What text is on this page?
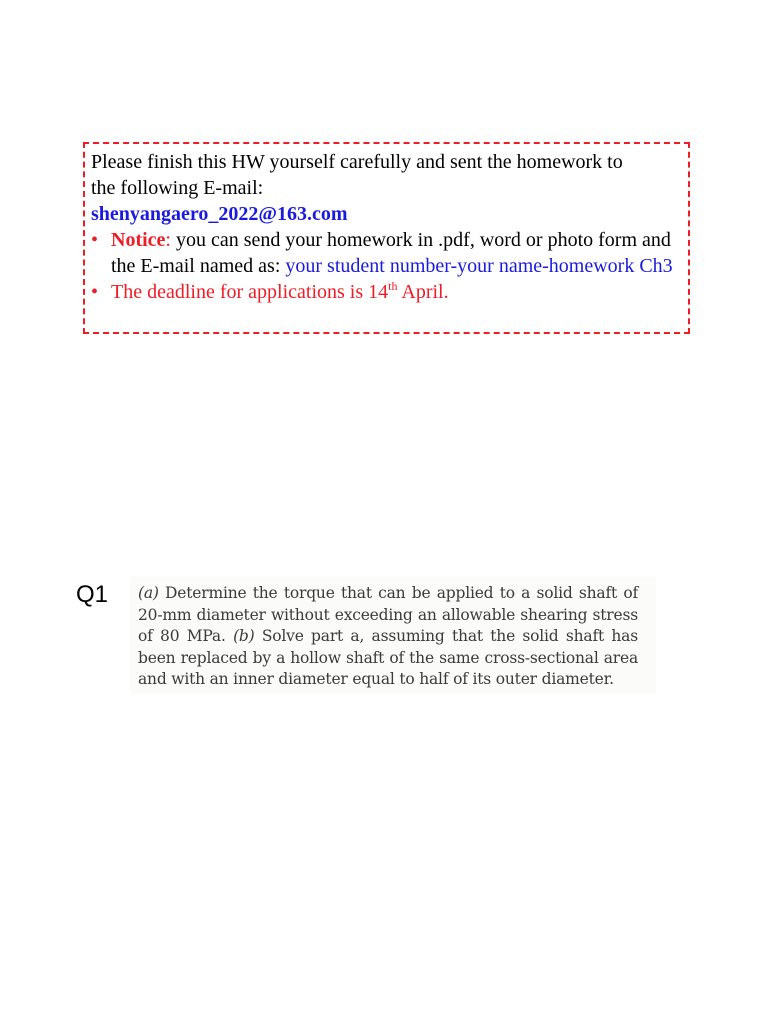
Please finish this HW yourself carefully and sent the homework to

the following E-mail:

shenyangaero_2022@163.com

• Notice: you can send your homework in .pdf, word or photo form and the E-mail named as: your student number-your name-homework Ch3

• The deadline for applications is 14th April.

Q1 (a) Determine the torque that can be applied to a solid shaft of 20-mm diameter without exceeding an allowable shearing stress of 80 MPa. (b) Solve part a, assuming that the solid shaft has been replaced by a hollow shaft of the same cross-sectional area and with an inner diameter equal to half of its outer diameter.
